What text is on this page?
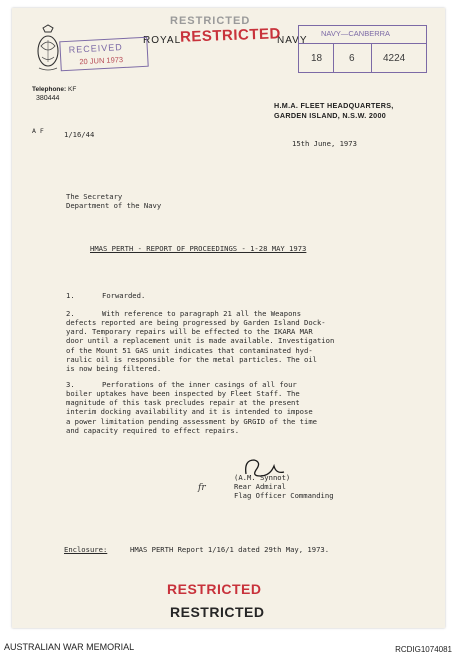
RESTRICTED
ROYAL	NAVY
RESTRICTED
RECEIVED
20 JUN 1973
NAVY—CANBERRA
18	6	4224
Telephone: KF
380444
H.M.A. FLEET HEADQUARTERS,
GARDEN ISLAND, N.S.W. 2000
A F	1/16/44
15th June, 1973
The Secretary
Department of the Navy
HMAS PERTH - REPORT OF PROCEEDINGS - 1-28 MAY 1973
1.	Forwarded.
2.	With reference to paragraph 21 all the Weapons
defects reported are being progressed by Garden Island Dock-
yard. Temporary repairs will be effected to the IKARA MAR
door until a replacement unit is made available. Investigation
of the Mount 51 GAS unit indicates that contaminated hyd-
raulic oil is responsible for the metal particles. The oil
is now being filtered.
3.	Perforations of the inner casings of all four
boiler uptakes have been inspected by Fleet Staff. The
magnitude of this task precludes repair at the present
interim docking availability and it is intended to impose
a power limitation pending assessment by GRGID of the time
and capacity required to effect repairs.
fr
(A.M. Synnot)
Rear Admiral
Flag Officer Commanding
Enclosure:	HMAS PERTH Report 1/16/1 dated 29th May, 1973.
RESTRICTED
RESTRICTED
AUSTRALIAN WAR MEMORIAL	RCDIG1074081
